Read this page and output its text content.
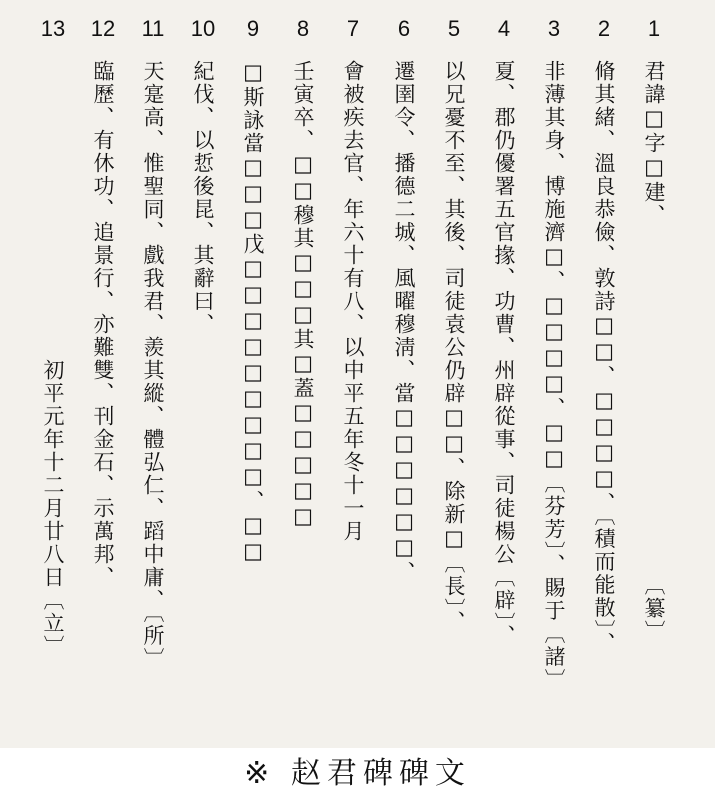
1
君諱□字□建、　　　　　　　　　　　　　　　　〔纂〕
2
脩其緒、溫良恭儉、敦詩□□、□□□□、〔積而能散〕、
3
非薄其身、博施濟□、□□□□、□□〔芬芳〕、賜于〔諸〕
4
夏、郡仍優署五官掾、功曹、州辟從事、司徒楊公〔辟〕、
5
以兄憂不至、其後、司徒袁公仍辟□□、除新□〔長〕、
6
遷圉令、播德二城、風曜穆淸、當□□□□□□、
7
會被疾去官、年六十有八、以中平五年冬十一月
8
壬寅卒、□□穆其□□□其□蓋□□□□□
9
□斯詠當□□□戊□□□□□□□□□、□□
10
紀伐、以悊後昆、其辭曰、
11
天寔高、惟聖同、戲我君、羨其縱、體弘仁、蹈中庸、〔所〕
12
臨歷、有休功、追景行、亦難雙、刊金石、示萬邦、
13
　　　　　　　　　　　　　初平元年十二月廿八日〔立〕
※ 赵君碑碑文
